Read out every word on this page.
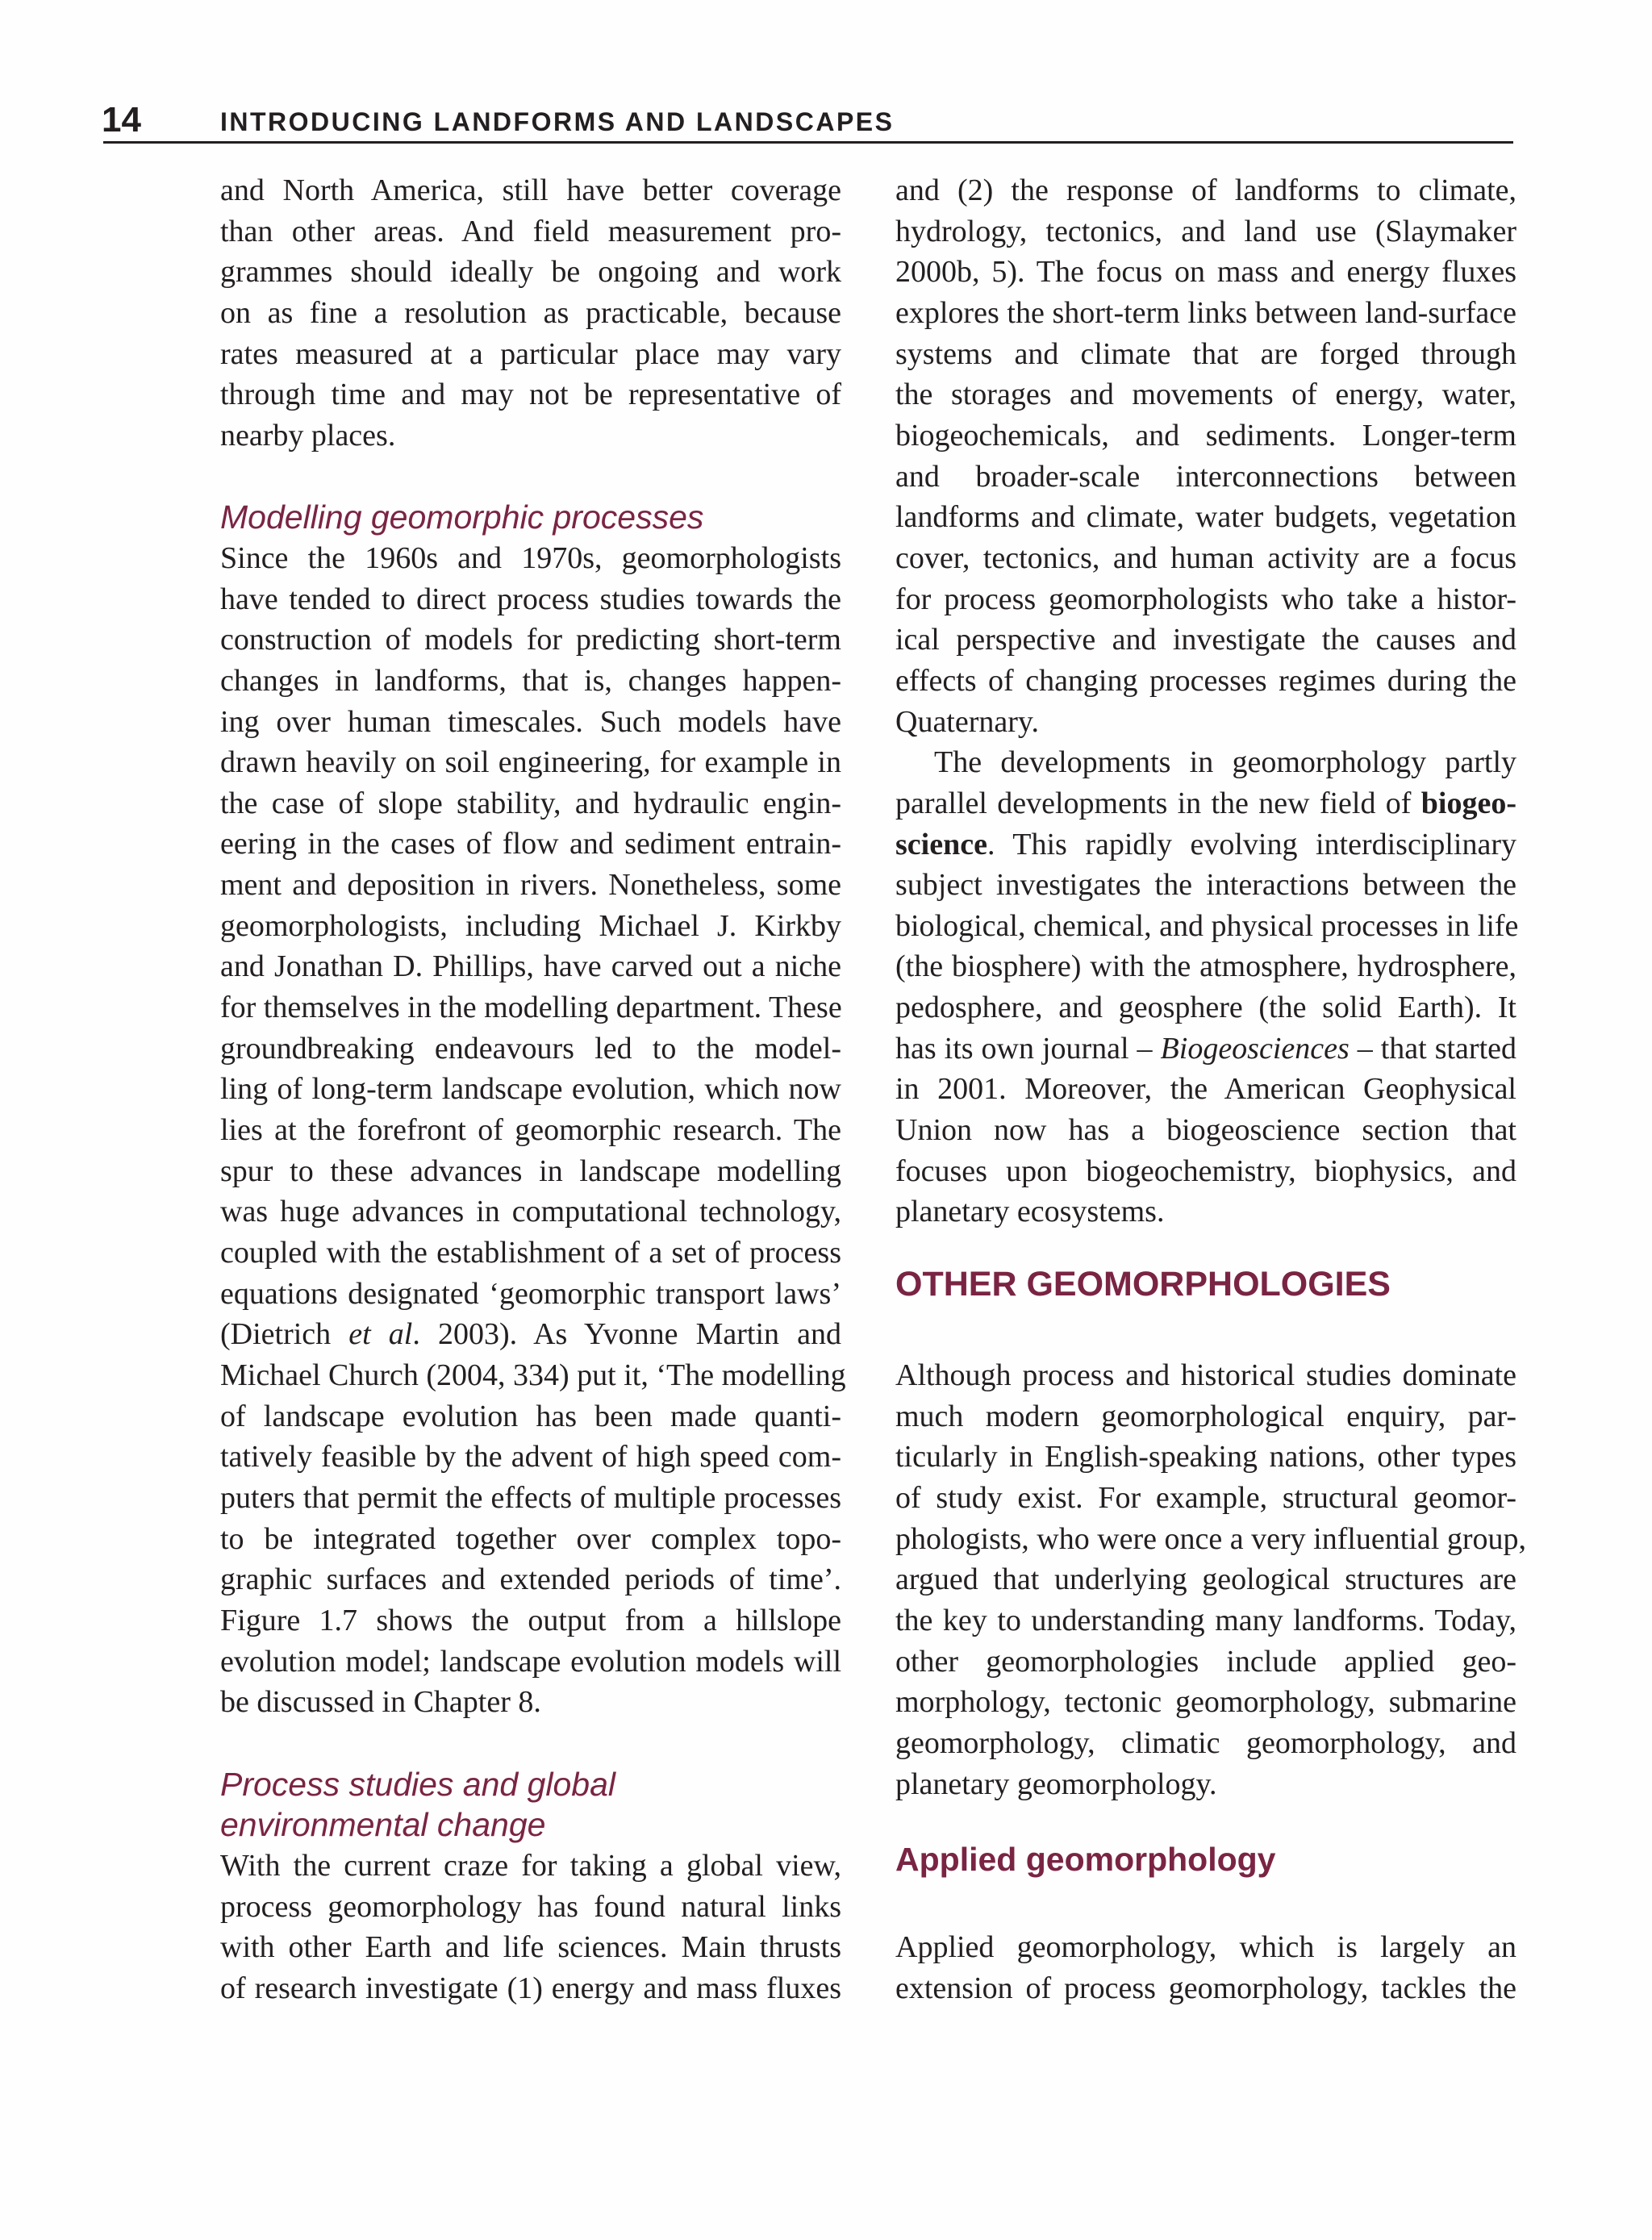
14	INTRODUCING LANDFORMS AND LANDSCAPES
and North America, still have better coverage
than other areas. And field measurement pro-
grammes should ideally be ongoing and work
on as fine a resolution as practicable, because
rates measured at a particular place may vary
through time and may not be representative of
nearby places.
Modelling geomorphic processes
Since the 1960s and 1970s, geomorphologists
have tended to direct process studies towards the
construction of models for predicting short-term
changes in landforms, that is, changes happen-
ing over human timescales. Such models have
drawn heavily on soil engineering, for example in
the case of slope stability, and hydraulic engin-
eering in the cases of flow and sediment entrain-
ment and deposition in rivers. Nonetheless, some
geomorphologists, including Michael J. Kirkby
and Jonathan D. Phillips, have carved out a niche
for themselves in the modelling department. These
groundbreaking endeavours led to the model-
ling of long-term landscape evolution, which now
lies at the forefront of geomorphic research. The
spur to these advances in landscape modelling
was huge advances in computational technology,
coupled with the establishment of a set of process
equations designated ‘geomorphic transport laws’
(Dietrich et al. 2003). As Yvonne Martin and
Michael Church (2004, 334) put it, ‘The modelling
of landscape evolution has been made quanti-
tatively feasible by the advent of high speed com-
puters that permit the effects of multiple processes
to be integrated together over complex topo-
graphic surfaces and extended periods of time’.
Figure 1.7 shows the output from a hillslope
evolution model; landscape evolution models will
be discussed in Chapter 8.
Process studies and global
environmental change
With the current craze for taking a global view,
process geomorphology has found natural links
with other Earth and life sciences. Main thrusts
of research investigate (1) energy and mass fluxes
and (2) the response of landforms to climate,
hydrology, tectonics, and land use (Slaymaker
2000b, 5). The focus on mass and energy fluxes
explores the short-term links between land-surface
systems and climate that are forged through
the storages and movements of energy, water,
biogeochemicals, and sediments. Longer-term
and broader-scale interconnections between
landforms and climate, water budgets, vegetation
cover, tectonics, and human activity are a focus
for process geomorphologists who take a histor-
ical perspective and investigate the causes and
effects of changing processes regimes during the
Quaternary.
The developments in geomorphology partly
parallel developments in the new field of biogeo-
science. This rapidly evolving interdisciplinary
subject investigates the interactions between the
biological, chemical, and physical processes in life
(the biosphere) with the atmosphere, hydrosphere,
pedosphere, and geosphere (the solid Earth). It
has its own journal – Biogeosciences – that started
in 2001. Moreover, the American Geophysical
Union now has a biogeoscience section that
focuses upon biogeochemistry, biophysics, and
planetary ecosystems.
OTHER GEOMORPHOLOGIES
Although process and historical studies dominate
much modern geomorphological enquiry, par-
ticularly in English-speaking nations, other types
of study exist. For example, structural geomor-
phologists, who were once a very influential group,
argued that underlying geological structures are
the key to understanding many landforms. Today,
other geomorphologies include applied geo-
morphology, tectonic geomorphology, submarine
geomorphology, climatic geomorphology, and
planetary geomorphology.
Applied geomorphology
Applied geomorphology, which is largely an
extension of process geomorphology, tackles the
